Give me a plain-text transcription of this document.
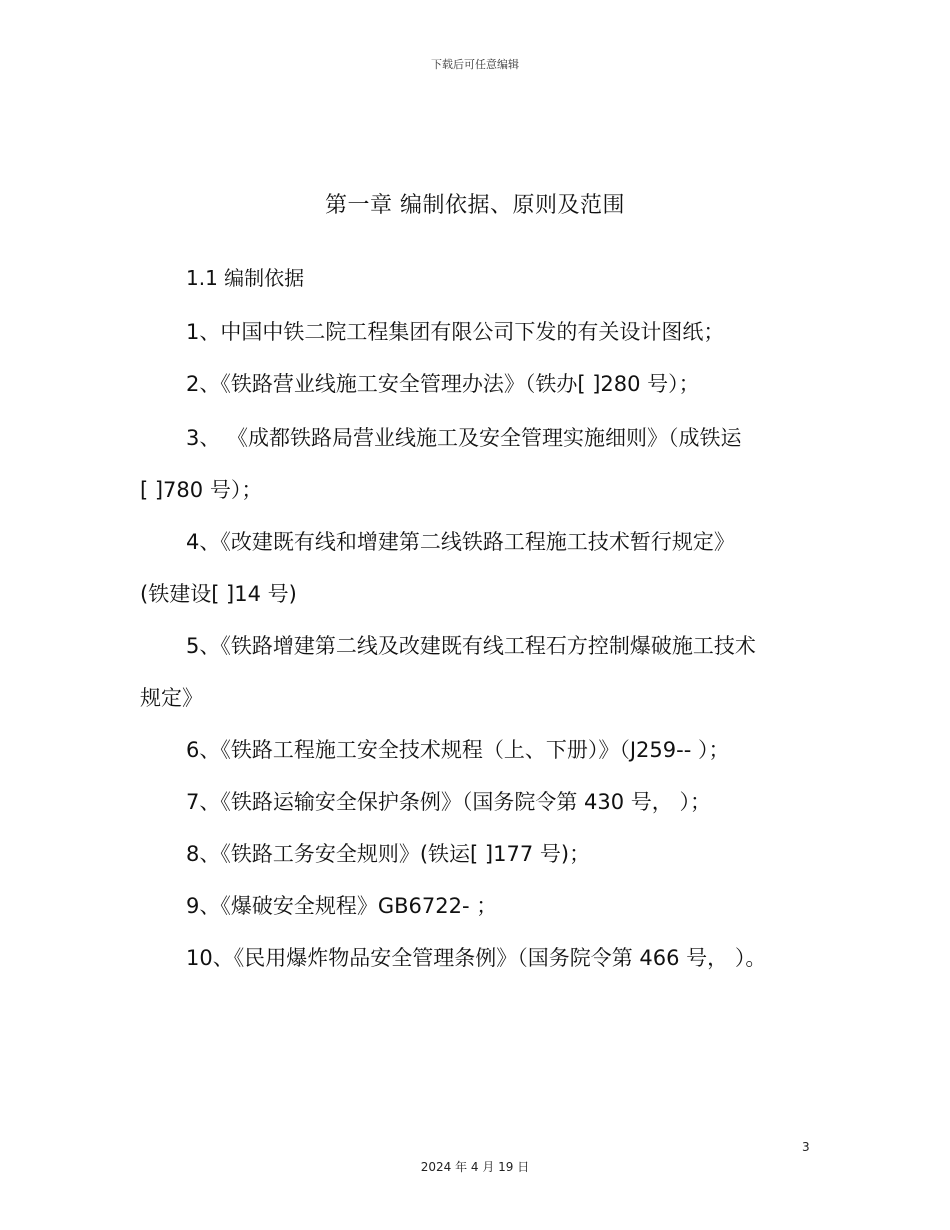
下载后可任意编辑
第一章 编制依据、原则及范围
1.1 编制依据
1、中国中铁二院工程集团有限公司下发的有关设计图纸；
2、《铁路营业线施工安全管理办法》（铁办[ ]280 号）；
3、 《成都铁路局营业线施工及安全管理实施细则》（成铁运
[ ]780 号）；
4、《改建既有线和增建第二线铁路工程施工技术暂行规定》
(铁建设[ ]14 号)
5、《铁路增建第二线及改建既有线工程石方控制爆破施工技术
规定》
6、《铁路工程施工安全技术规程（上、下册）》（J259-- ）；
7、《铁路运输安全保护条例》（国务院令第 430 号， ）；
8、《铁路工务安全规则》(铁运[ ]177 号)；
9、《爆破安全规程》GB6722- ；
10、《民用爆炸物品安全管理条例》（国务院令第 466 号， ）。
3
2024 年 4 月 19 日
